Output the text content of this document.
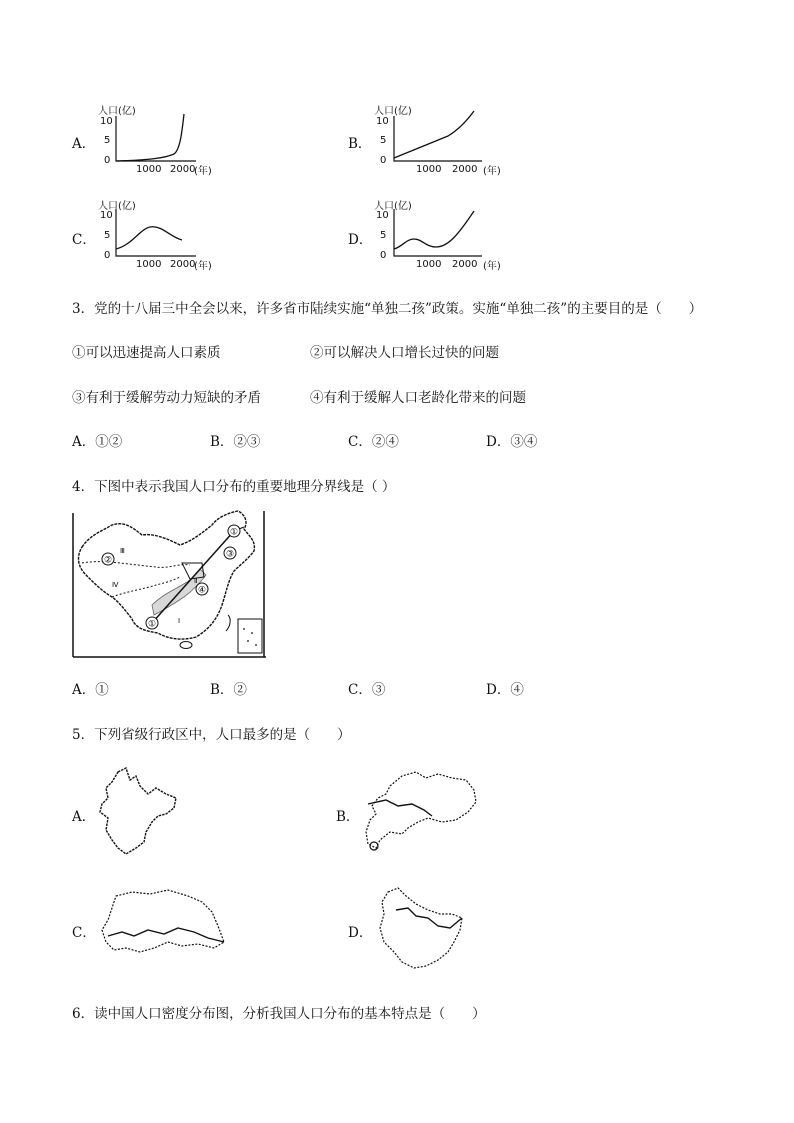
A．
人口(亿)
10
5
0
1000 2000
(年)
B．
人口(亿)
10
5
0
1000 2000 (年)
C．
人口(亿)
10
5
0
1000 2000
(年)
D．
人口(亿)
10
5
0
1000 2000 (年)
3．党的十八届三中全会以来，许多省市陆续实施“单独二孩”政策。实施“单独二孩”的主要目的是（　　）
①可以迅速提高人口素质	②可以解决人口增长过快的问题
③有利于缓解劳动力短缺的矛盾	④有利于缓解人口老龄化带来的问题
A．①②	B．②③	C．②④	D．③④
4．下图中表示我国人口分布的重要地理分界线是（ ）
①
②
③
④
①
Ⅲ
Ⅳ	Ⅱ
Ⅰ
A．①	B．②	C．③	D．④
5．下列省级行政区中，人口最多的是（　　）
A．	B．
C．	D．
6．读中国人口密度分布图，分析我国人口分布的基本特点是（　　）
